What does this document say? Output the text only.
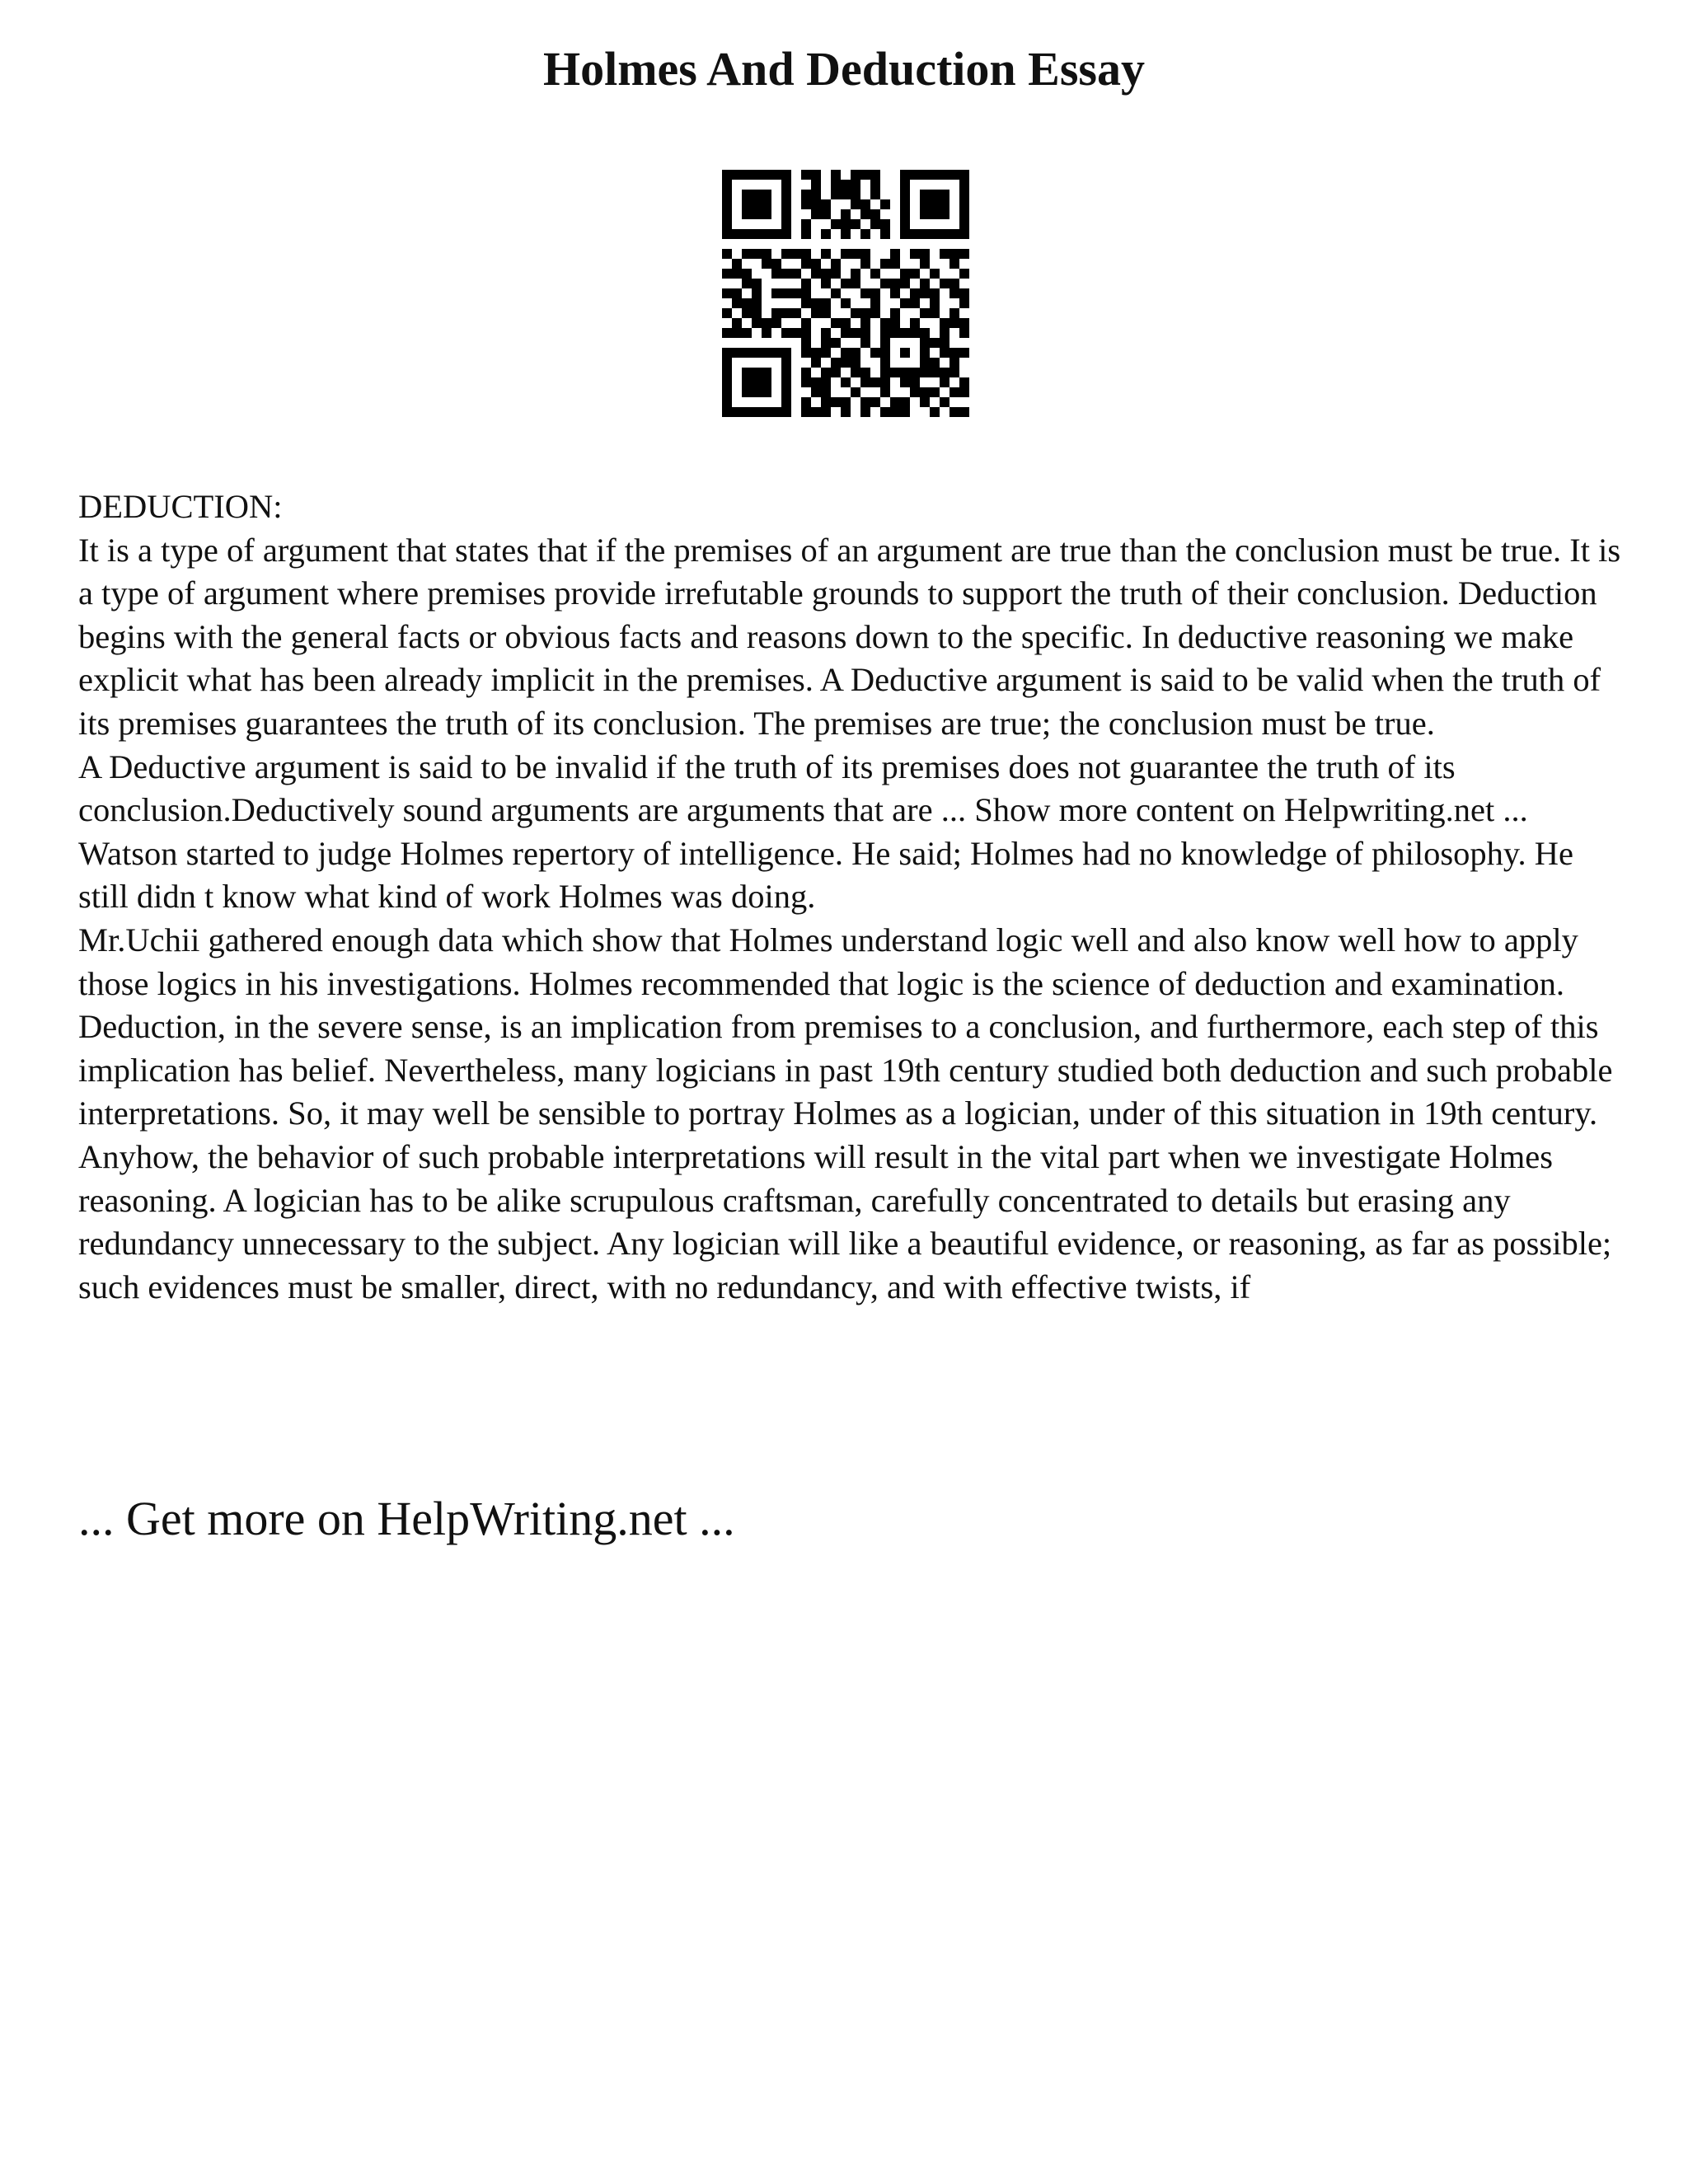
Holmes And Deduction Essay

DEDUCTION:

It is a type of argument that states that if the premises of an argument are true than the conclusion must be true. It is a type of argument where premises provide irrefutable grounds to support the truth of their conclusion. Deduction begins with the general facts or obvious facts and reasons down to the specific. In deductive reasoning we make explicit what has been already implicit in the premises. A Deductive argument is said to be valid when the truth of its premises guarantees the truth of its conclusion. The premises are true; the conclusion must be true.

A Deductive argument is said to be invalid if the truth of its premises does not guarantee the truth of its conclusion.Deductively sound arguments are arguments that are ... Show more content on Helpwriting.net ...

Watson started to judge Holmes repertory of intelligence. He said; Holmes had no knowledge of philosophy. He still didn t know what kind of work Holmes was doing.

Mr.Uchii gathered enough data which show that Holmes understand logic well and also know well how to apply those logics in his investigations. Holmes recommended that logic is the science of deduction and examination. Deduction, in the severe sense, is an implication from premises to a conclusion, and furthermore, each step of this implication has belief. Nevertheless, many logicians in past 19th century studied both deduction and such probable interpretations. So, it may well be sensible to portray Holmes as a logician, under of this situation in 19th century. Anyhow, the behavior of such probable interpretations will result in the vital part when we investigate Holmes reasoning. A logician has to be alike scrupulous craftsman, carefully concentrated to details but erasing any redundancy unnecessary to the subject. Any logician will like a beautiful evidence, or reasoning, as far as possible; such evidences must be smaller, direct, with no redundancy, and with effective twists, if

... Get more on HelpWriting.net ...
